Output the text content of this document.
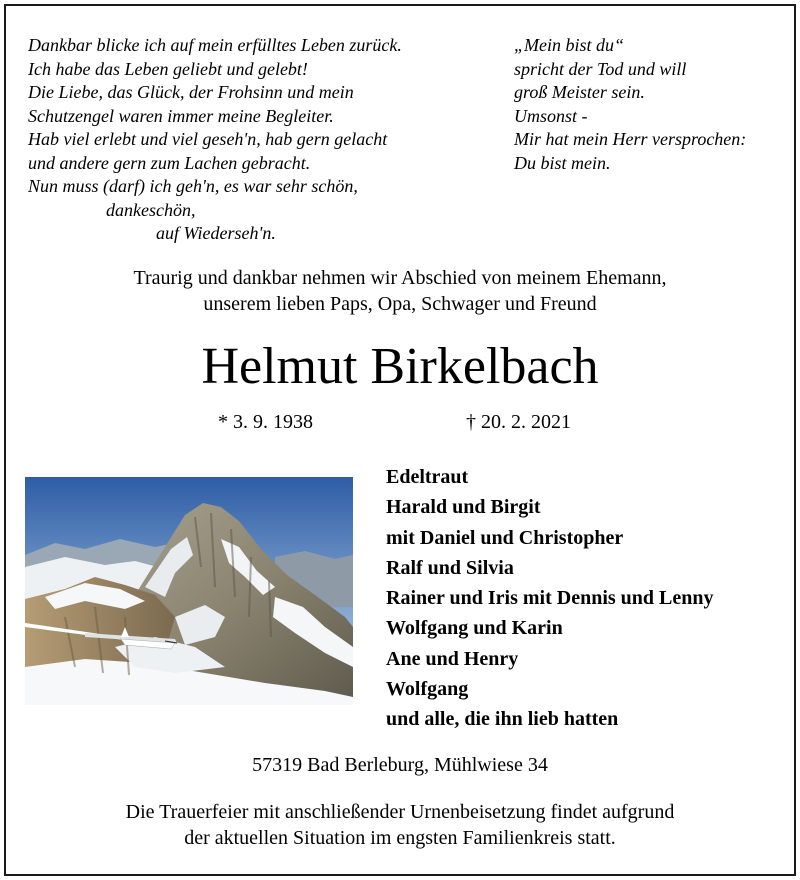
Dankbar blicke ich auf mein erfülltes Leben zurück.
Ich habe das Leben geliebt und gelebt!
Die Liebe, das Glück, der Frohsinn und mein
Schutzengel waren immer meine Begleiter.
Hab viel erlebt und viel geseh'n, hab gern gelacht
und andere gern zum Lachen gebracht.
Nun muss (darf) ich geh'n, es war sehr schön,
dankeschön,
auf Wiederseh'n.
„Mein bist du“
spricht der Tod und will
groß Meister sein.
Umsonst -
Mir hat mein Herr versprochen:
Du bist mein.
Traurig und dankbar nehmen wir Abschied von meinem Ehemann,
unserem lieben Paps, Opa, Schwager und Freund
Helmut Birkelbach
* 3. 9. 1938	† 20. 2. 2021
Edeltraut
Harald und Birgit
mit Daniel und Christopher
Ralf und Silvia
Rainer und Iris mit Dennis und Lenny
Wolfgang und Karin
Ane und Henry
Wolfgang
und alle, die ihn lieb hatten
57319 Bad Berleburg, Mühlwiese 34
Die Trauerfeier mit anschließender Urnenbeisetzung findet aufgrund
der aktuellen Situation im engsten Familienkreis statt.
